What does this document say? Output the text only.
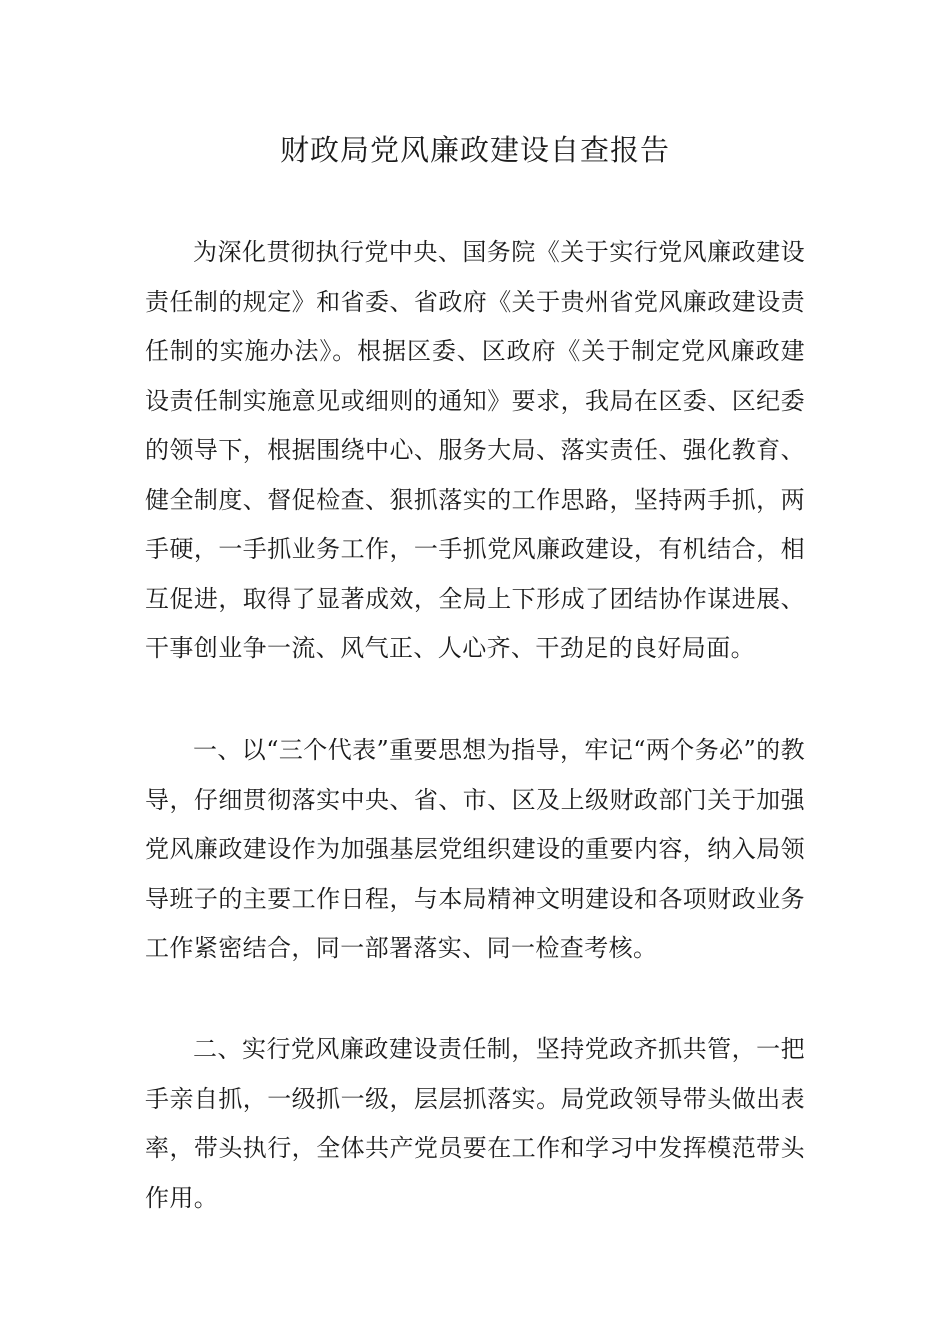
财政局党风廉政建设自查报告

为深化贯彻执行党中央、国务院《关于实行党风廉政建设责任制的规定》和省委、省政府《关于贵州省党风廉政建设责任制的实施办法》。根据区委、区政府《关于制定党风廉政建设责任制实施意见或细则的通知》要求，我局在区委、区纪委的领导下，根据围绕中心、服务大局、落实责任、强化教育、健全制度、督促检查、狠抓落实的工作思路，坚持两手抓，两手硬，一手抓业务工作，一手抓党风廉政建设，有机结合，相互促进，取得了显著成效，全局上下形成了团结协作谋进展、干事创业争一流、风气正、人心齐、干劲足的良好局面。

一、以“三个代表”重要思想为指导，牢记“两个务必”的教导，仔细贯彻落实中央、省、市、区及上级财政部门关于加强党风廉政建设作为加强基层党组织建设的重要内容，纳入局领导班子的主要工作日程，与本局精神文明建设和各项财政业务工作紧密结合，同一部署落实、同一检查考核。

二、实行党风廉政建设责任制，坚持党政齐抓共管，一把手亲自抓，一级抓一级，层层抓落实。局党政领导带头做出表率，带头执行，全体共产党员要在工作和学习中发挥模范带头作用。
